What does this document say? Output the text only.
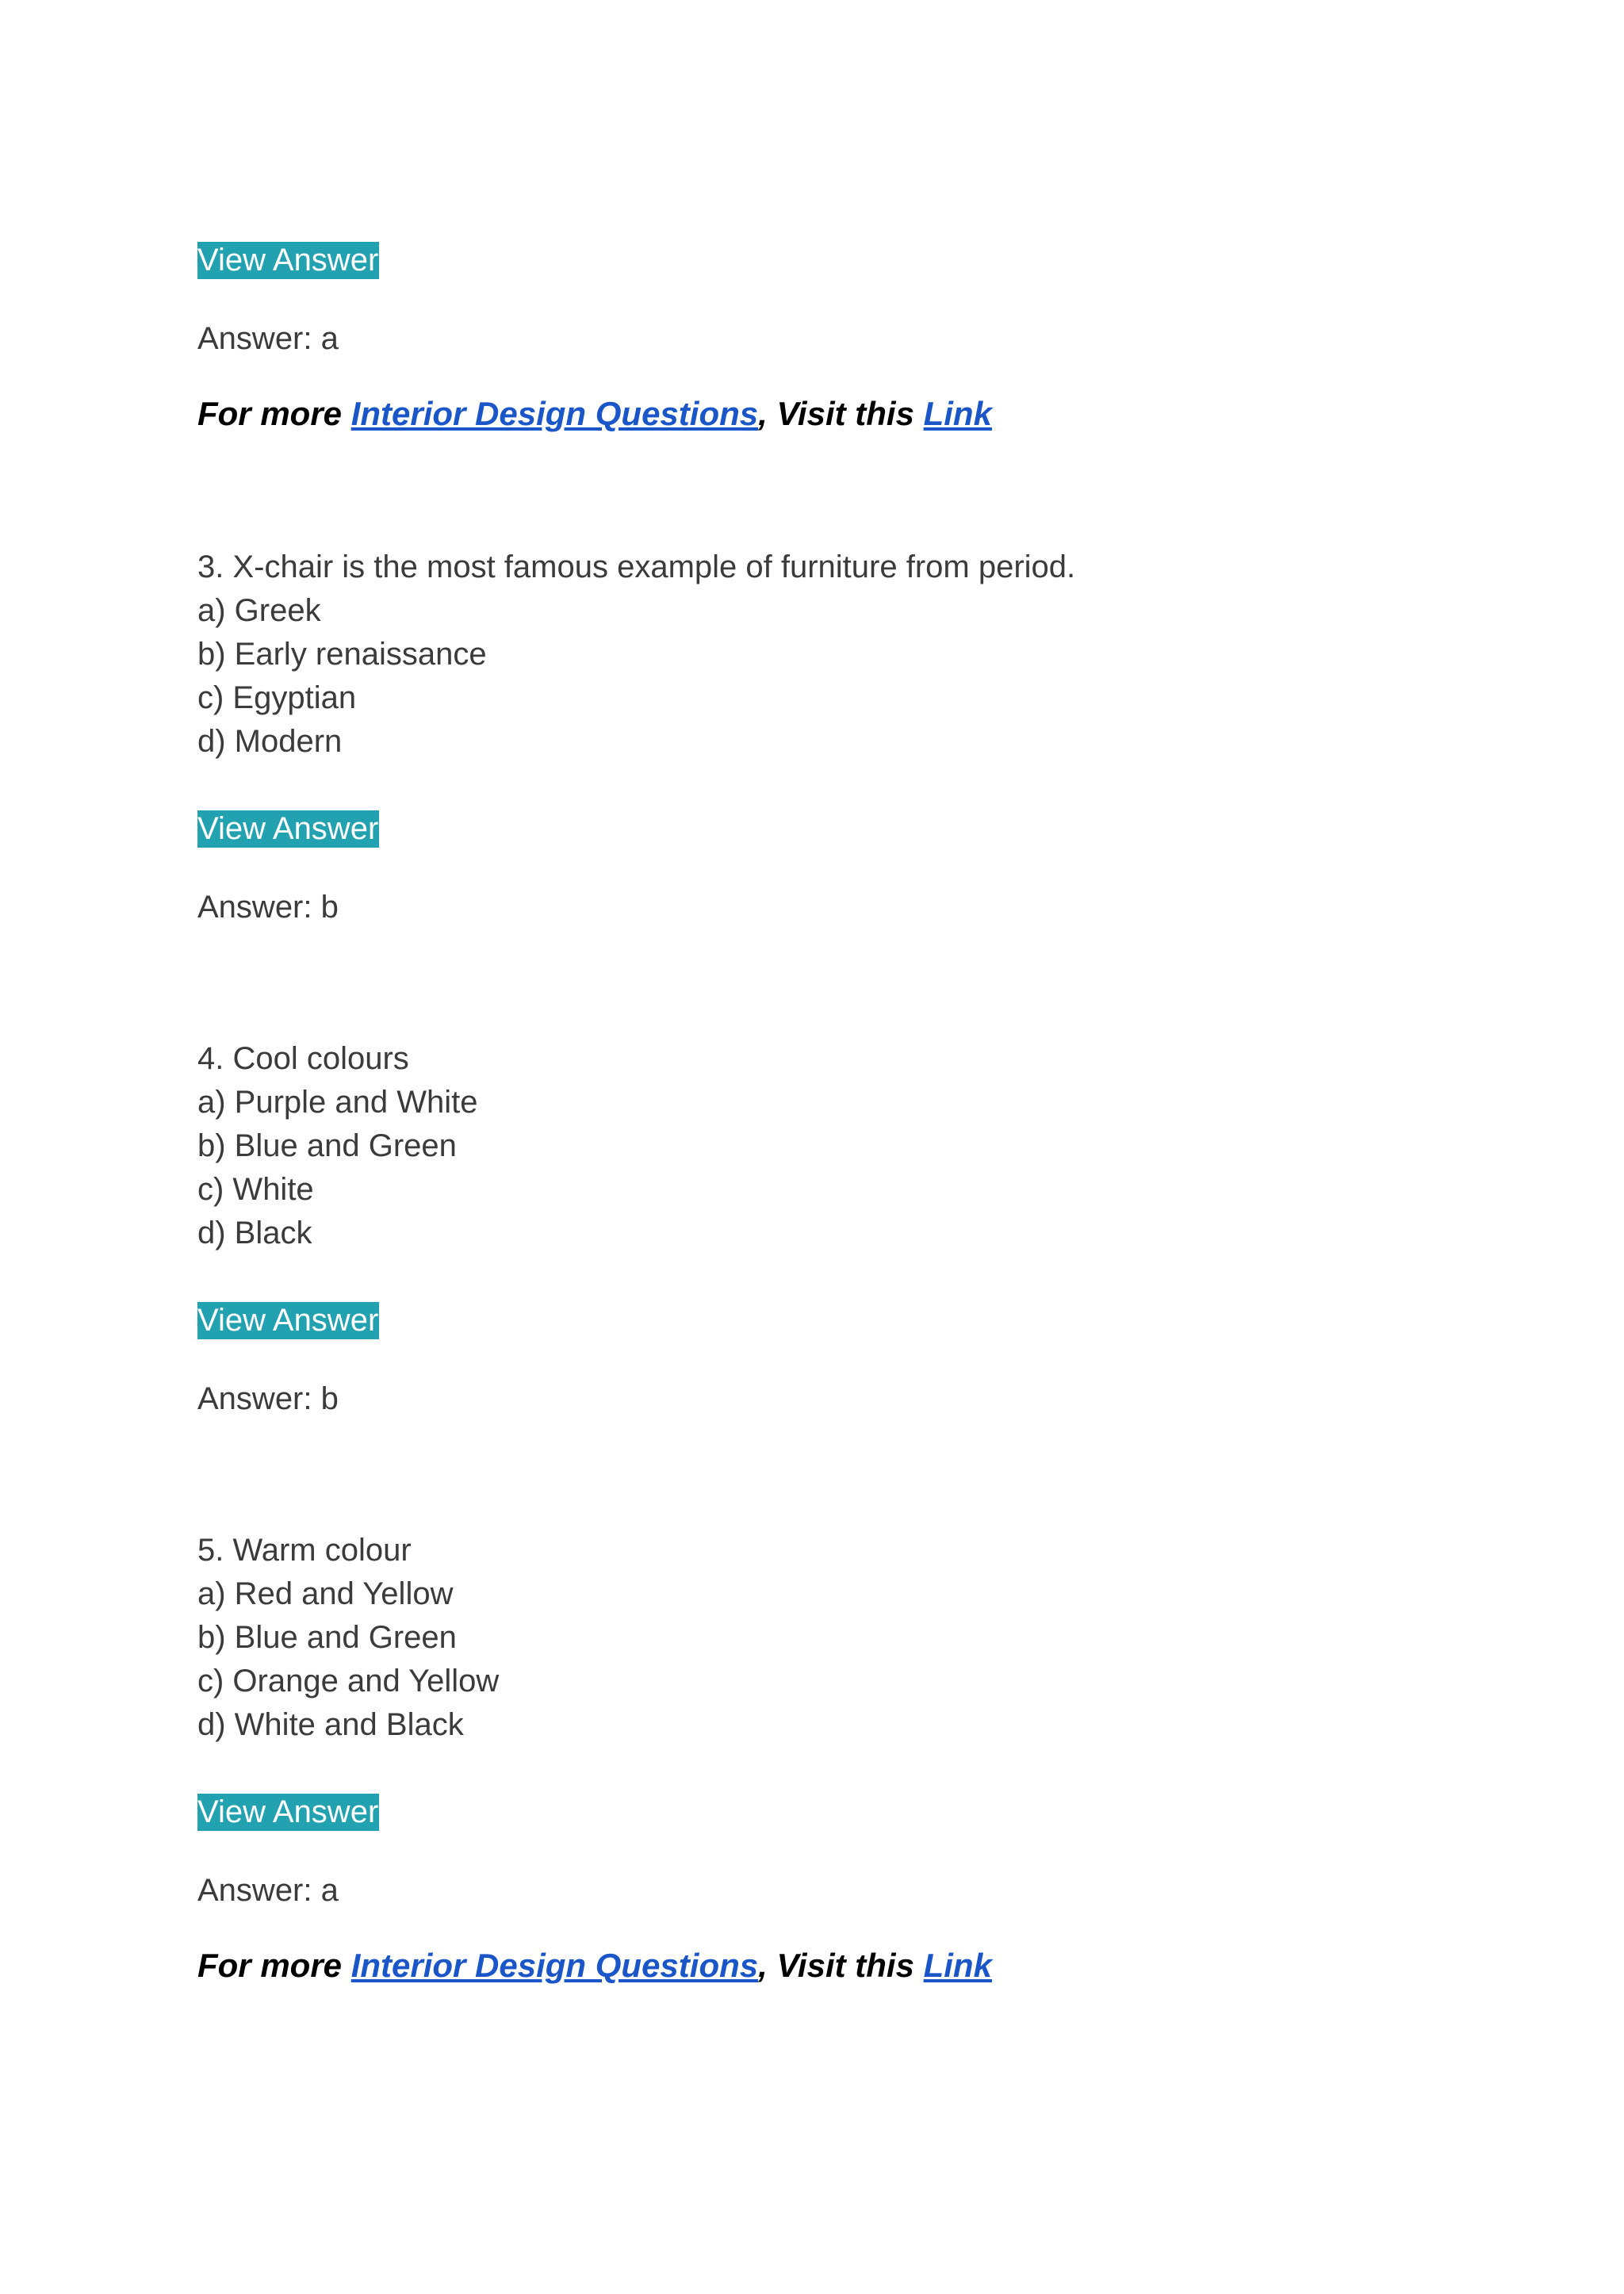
View Answer

Answer: a

For more Interior Design Questions, Visit this Link

3. X-chair is the most famous example of furniture from period.

a) Greek

b) Early renaissance

c) Egyptian

d) Modern

View Answer

Answer: b

4. Cool colours

a) Purple and White

b) Blue and Green

c) White

d) Black

View Answer

Answer: b

5. Warm colour

a) Red and Yellow

b) Blue and Green

c) Orange and Yellow

d) White and Black

View Answer

Answer: a

For more Interior Design Questions, Visit this Link
